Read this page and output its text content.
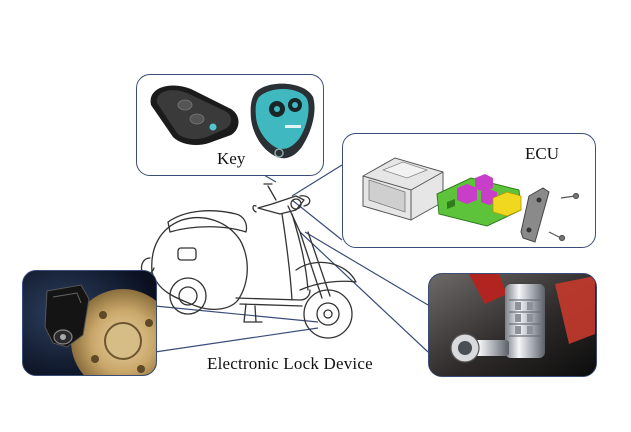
Key	ECU
Electronic Lock Device
